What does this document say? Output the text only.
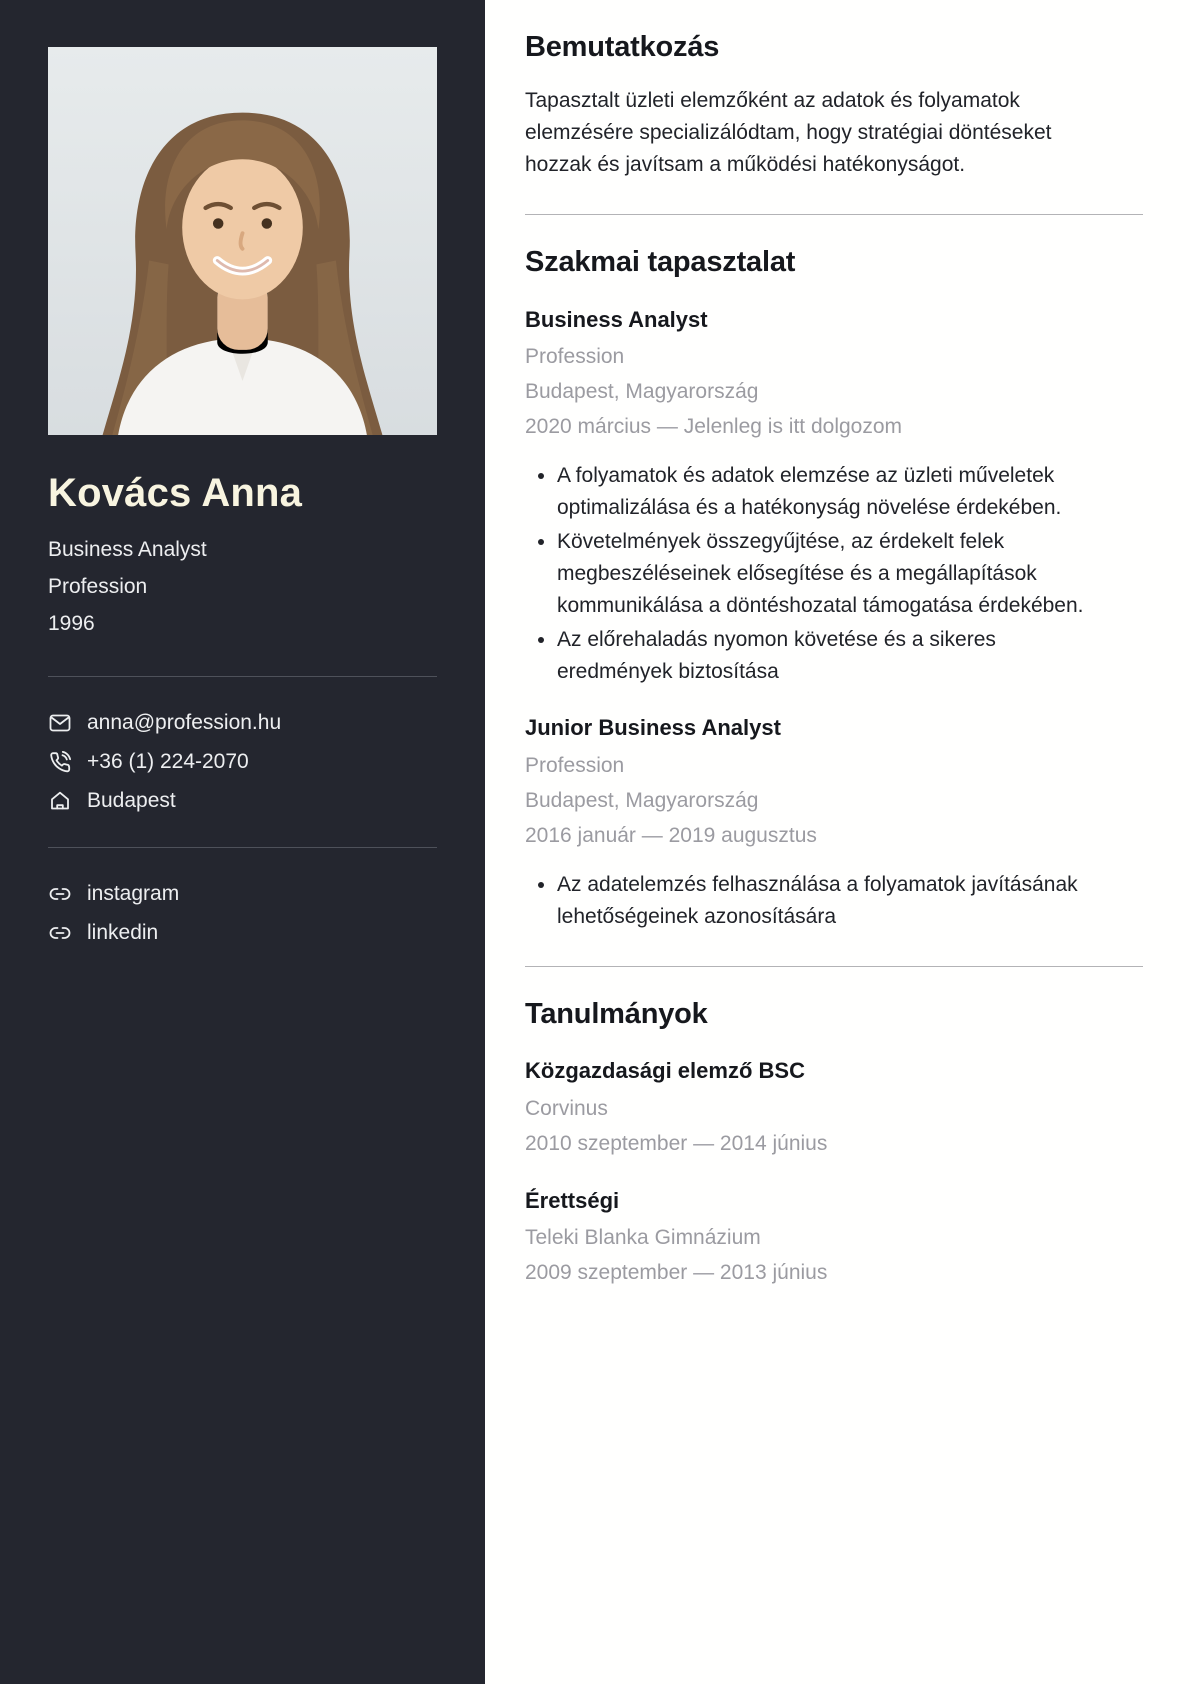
Kovács Anna
Business Analyst
Profession
1996
anna@profession.hu
+36 (1) 224-2070
Budapest
instagram
linkedin
Bemutatkozás

Tapasztalt üzleti elemzőként az adatok és folyamatok elemzésére specializálódtam, hogy stratégiai döntéseket hozzak és javítsam a működési hatékonyságot.

Szakmai tapasztalat
Business Analyst
Profession
Budapest, Magyarország
2020 március — Jelenleg is itt dolgozom
• A folyamatok és adatok elemzése az üzleti műveletek optimalizálása és a hatékonyság növelése érdekében.
• Követelmények összegyűjtése, az érdekelt felek megbeszéléseinek elősegítése és a megállapítások kommunikálása a döntéshozatal támogatása érdekében.
• Az előrehaladás nyomon követése és a sikeres eredmények biztosítása
Junior Business Analyst
Profession
Budapest, Magyarország
2016 január — 2019 augusztus
• Az adatelemzés felhasználása a folyamatok javításának lehetőségeinek azonosítására
Tanulmányok
Közgazdasági elemző BSC
Corvinus
2010 szeptember — 2014 június
Érettségi
Teleki Blanka Gimnázium
2009 szeptember — 2013 június
